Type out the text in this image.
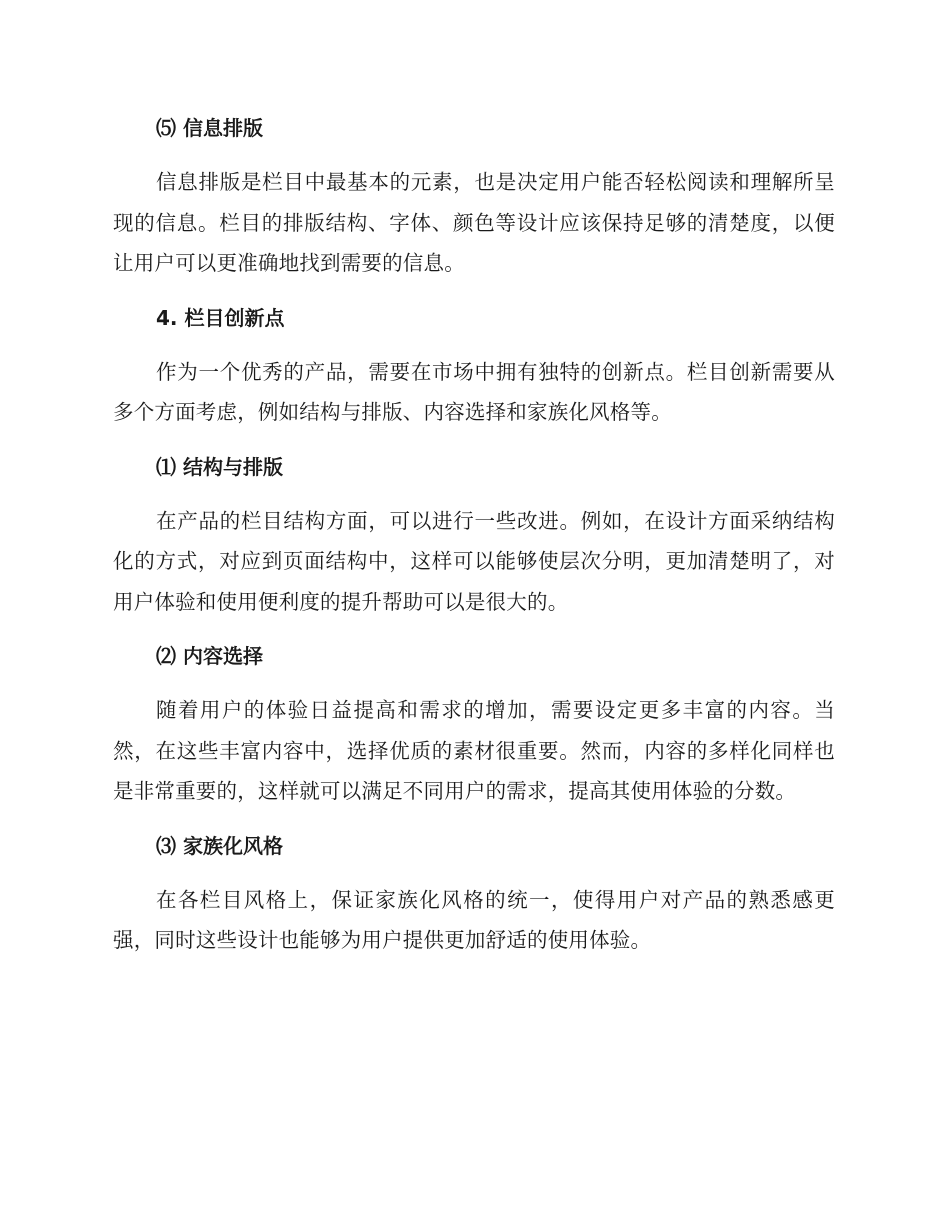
⑸ 信息排版

信息排版是栏目中最基本的元素，也是决定用户能否轻松阅读和理解所呈现的信息。栏目的排版结构、字体、颜色等设计应该保持足够的清楚度，以便让用户可以更准确地找到需要的信息。

4. 栏目创新点

作为一个优秀的产品，需要在市场中拥有独特的创新点。栏目创新需要从多个方面考虑，例如结构与排版、内容选择和家族化风格等。

⑴ 结构与排版

在产品的栏目结构方面，可以进行一些改进。例如，在设计方面采纳结构化的方式，对应到页面结构中，这样可以能够使层次分明，更加清楚明了，对用户体验和使用便利度的提升帮助可以是很大的。

⑵ 内容选择

随着用户的体验日益提高和需求的增加，需要设定更多丰富的内容。当然，在这些丰富内容中，选择优质的素材很重要。然而，内容的多样化同样也是非常重要的，这样就可以满足不同用户的需求，提高其使用体验的分数。

⑶ 家族化风格

在各栏目风格上，保证家族化风格的统一，使得用户对产品的熟悉感更强，同时这些设计也能够为用户提供更加舒适的使用体验。
